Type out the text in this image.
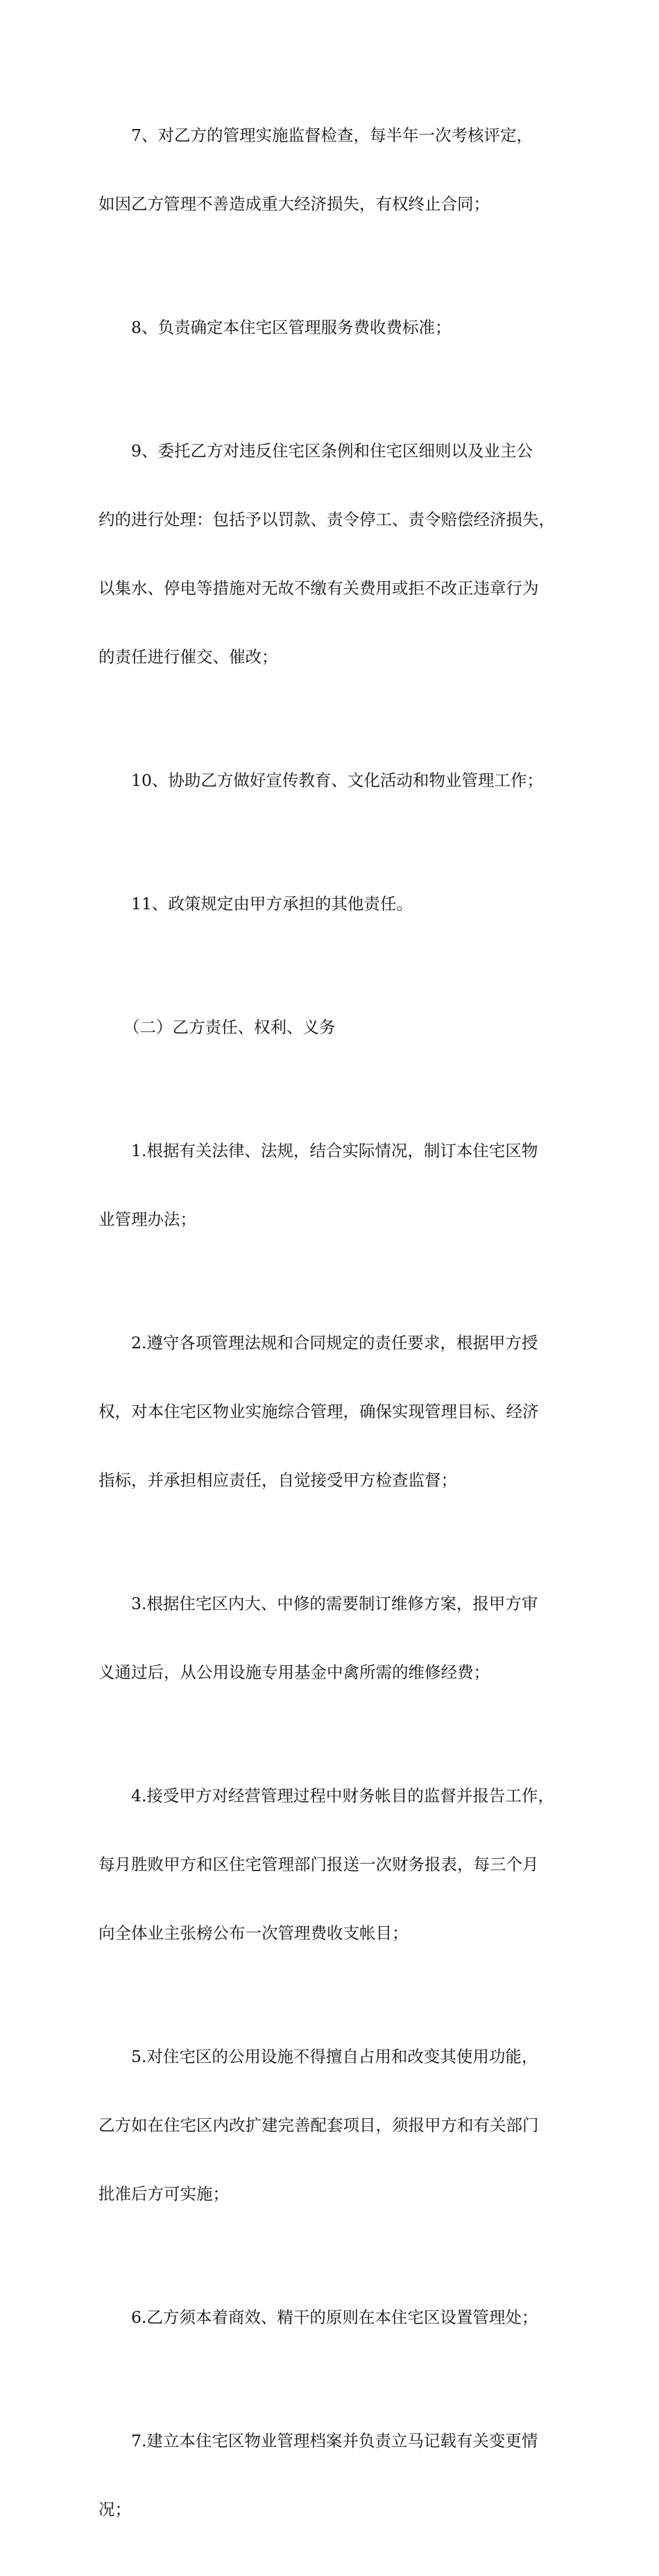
7、对乙方的管理实施监督检查，每半年一次考核评定，

如因乙方管理不善造成重大经济损失，有权终止合同；

8、负责确定本住宅区管理服务费收费标准；

9、委托乙方对违反住宅区条例和住宅区细则以及业主公

约的进行处理：包括予以罚款、责令停工、责令赔偿经济损失，

以集水、停电等措施对无故不缴有关费用或拒不改正违章行为

的责任进行催交、催改；

10、协助乙方做好宣传教育、文化活动和物业管理工作；

11、政策规定由甲方承担的其他责任。

（二）乙方责任、权利、义务

1.根据有关法律、法规，结合实际情况，制订本住宅区物

业管理办法；

2.遵守各项管理法规和合同规定的责任要求，根据甲方授

权，对本住宅区物业实施综合管理，确保实现管理目标、经济

指标，并承担相应责任，自觉接受甲方检查监督；

3.根据住宅区内大、中修的需要制订维修方案，报甲方审

义通过后，从公用设施专用基金中禽所需的维修经费；

4.接受甲方对经营管理过程中财务帐目的监督并报告工作，

每月胜败甲方和区住宅管理部门报送一次财务报表，每三个月

向全体业主张榜公布一次管理费收支帐目；

5.对住宅区的公用设施不得擅自占用和改变其使用功能，

乙方如在住宅区内改扩建完善配套项目，须报甲方和有关部门

批准后方可实施；

6.乙方须本着商效、精干的原则在本住宅区设置管理处；

7.建立本住宅区物业管理档案并负责立马记载有关变更情

况；
